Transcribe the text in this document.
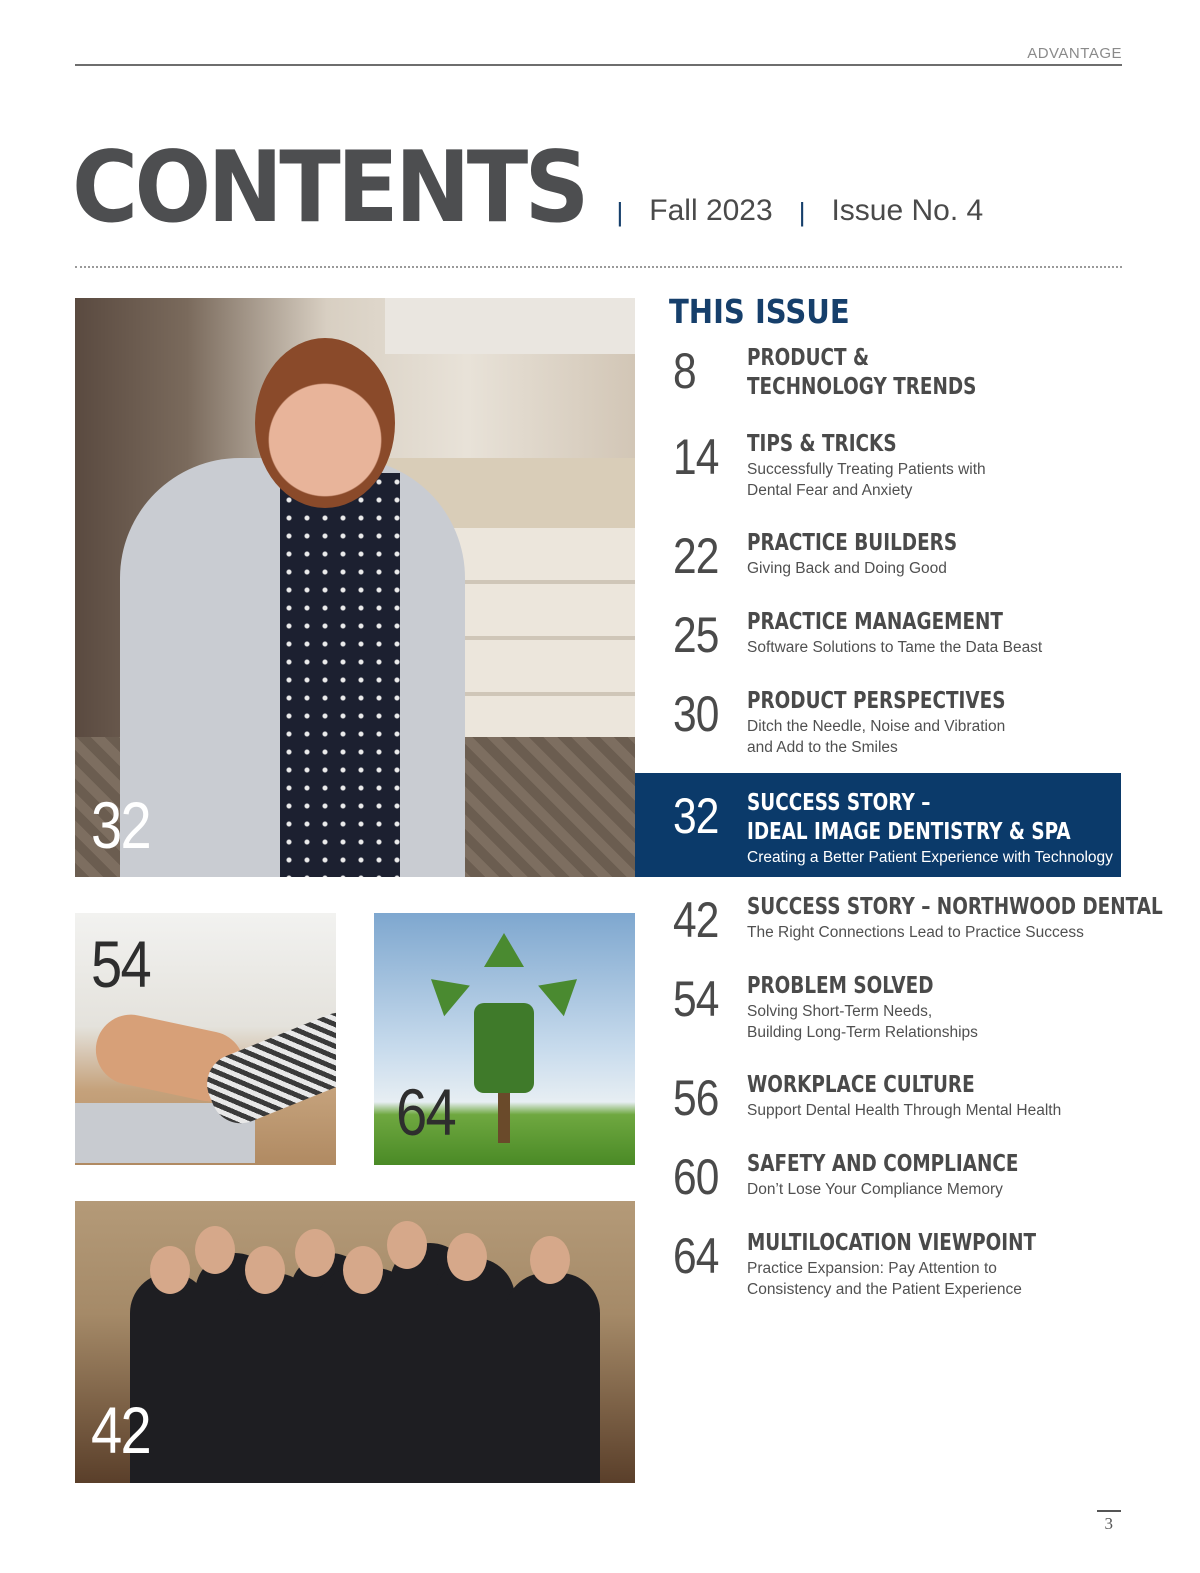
ADVANTAGE
CONTENTS | Fall 2023 | Issue No. 4
32
54
64
42
THIS ISSUE
8 PRODUCT &
TECHNOLOGY TRENDS
14 TIPS & TRICKS
Successfully Treating Patients with
Dental Fear and Anxiety
22 PRACTICE BUILDERS
Giving Back and Doing Good
25 PRACTICE MANAGEMENT
Software Solutions to Tame the Data Beast
30 PRODUCT PERSPECTIVES
Ditch the Needle, Noise and Vibration
and Add to the Smiles
32 SUCCESS STORY –
IDEAL IMAGE DENTISTRY & SPA
Creating a Better Patient Experience with Technology
42 SUCCESS STORY – NORTHWOOD DENTAL
The Right Connections Lead to Practice Success
54 PROBLEM SOLVED
Solving Short-Term Needs,
Building Long-Term Relationships
56 WORKPLACE CULTURE
Support Dental Health Through Mental Health
60 SAFETY AND COMPLIANCE
Don’t Lose Your Compliance Memory
64 MULTILOCATION VIEWPOINT
Practice Expansion: Pay Attention to
Consistency and the Patient Experience
3
